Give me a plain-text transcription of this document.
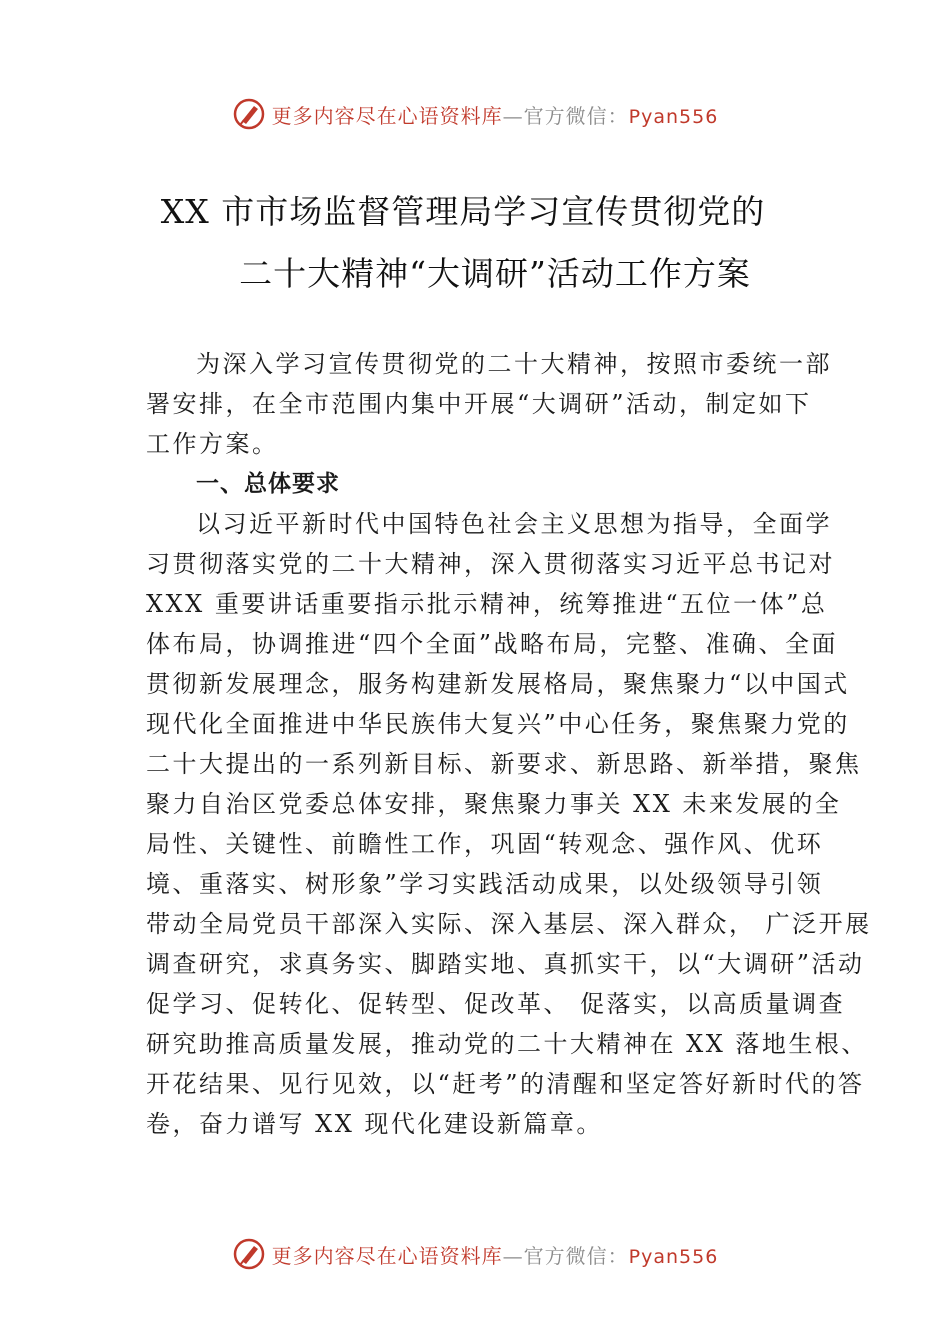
更多内容尽在心语资料库—官方微信：Pyan556
XX 市市场监督管理局学习宣传贯彻党的
二十大精神“大调研”活动工作方案
为深入学习宣传贯彻党的二十大精神，按照市委统一部
署安排，在全市范围内集中开展“大调研”活动，制定如下
工作方案。
一、总体要求
以习近平新时代中国特色社会主义思想为指导，全面学
习贯彻落实党的二十大精神，深入贯彻落实习近平总书记对
XXX 重要讲话重要指示批示精神，统筹推进“五位一体”总
体布局，协调推进“四个全面”战略布局，完整、准确、全面
贯彻新发展理念，服务构建新发展格局，聚焦聚力“以中国式
现代化全面推进中华民族伟大复兴”中心任务，聚焦聚力党的
二十大提出的一系列新目标、新要求、新思路、新举措，聚焦
聚力自治区党委总体安排，聚焦聚力事关 XX 未来发展的全
局性、关键性、前瞻性工作，巩固“转观念、强作风、优环
境、重落实、树形象”学习实践活动成果，以处级领导引领
带动全局党员干部深入实际、深入基层、深入群众， 广泛开展
调查研究，求真务实、脚踏实地、真抓实干，以“大调研”活动
促学习、促转化、促转型、促改革、 促落实，以高质量调查
研究助推高质量发展，推动党的二十大精神在 XX 落地生根、
开花结果、见行见效，以“赶考”的清醒和坚定答好新时代的答
卷，奋力谱写 XX 现代化建设新篇章。
更多内容尽在心语资料库—官方微信：Pyan556
